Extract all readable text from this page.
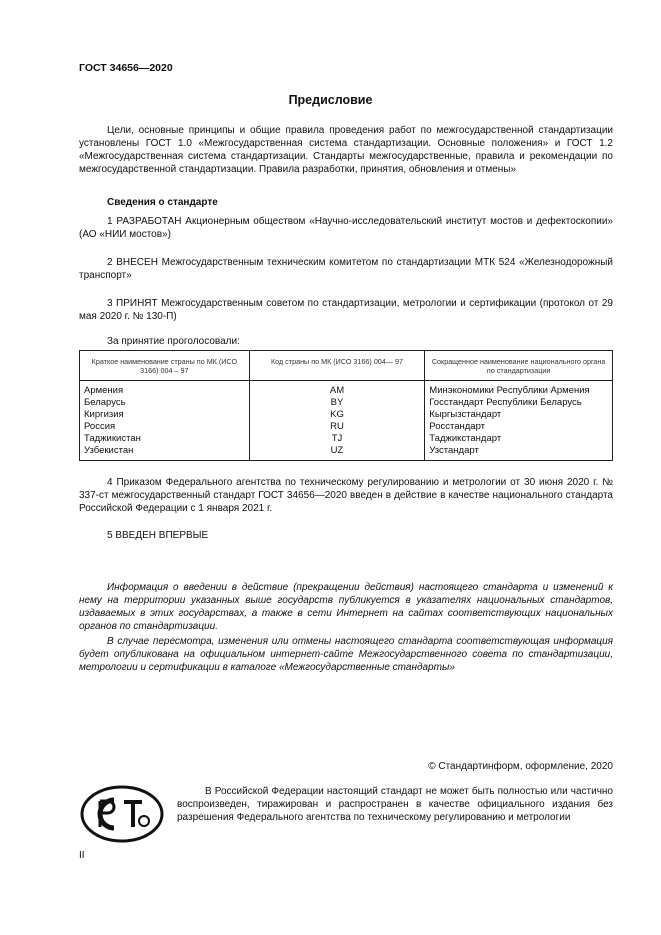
ГОСТ 34656—2020
Предисловие
Цели, основные принципы и общие правила проведения работ по межгосударственной стандартизации установлены ГОСТ 1.0 «Межгосударственная система стандартизации. Основные положения» и ГОСТ 1.2 «Межгосударственная система стандартизации. Стандарты межгосударственные, правила и рекомендации по межгосударственной стандартизации. Правила разработки, принятия, обновления и отмены»
Сведения о стандарте
1 РАЗРАБОТАН Акционерным обществом «Научно-исследовательский институт мостов и дефектоскопии» (АО «НИИ мостов»)
2 ВНЕСЕН Межгосударственным техническим комитетом по стандартизации МТК 524 «Железнодорожный транспорт»
3 ПРИНЯТ Межгосударственным советом по стандартизации, метрологии и сертификации (протокол от 29 мая 2020 г. № 130-П)
За принятие проголосовали:
Краткое наименование страны по МК (ИСО 3166) 004 – 97	Код страны по МК (ИСО 3166) 004— 97	Сокращенное наименование национального органа по стандартизации
Армения	AM	Минэкономики Республики Армения
Беларусь	BY	Госстандарт Республики Беларусь
Киргизия	KG	Кыргызстандарт
Россия	RU	Росстандарт
Таджикистан	TJ	Таджикстандарт
Узбекистан	UZ	Узстандарт
4 Приказом Федерального агентства по техническому регулированию и метрологии от 30 июня 2020 г. № 337-ст межгосударственный стандарт ГОСТ 34656—2020 введен в действие в качестве национального стандарта Российской Федерации с 1 января 2021 г.
5 ВВЕДЕН ВПЕРВЫЕ
Информация о введении в действие (прекращении действия) настоящего стандарта и изменений к нему на территории указанных выше государств публикуется в указателях национальных стандартов, издаваемых в этих государствах, а также в сети Интернет на сайтах соответствующих национальных органов по стандартизации.
В случае пересмотра, изменения или отмены настоящего стандарта соответствующая информация будет опубликована на официальном интернет-сайте Межгосударственного совета по стандартизации, метрологии и сертификации в каталоге «Межгосударственные стандарты»
© Стандартинформ, оформление, 2020
В Российской Федерации настоящий стандарт не может быть полностью или частично воспроизведен, тиражирован и распространен в качестве официального издания без разрешения Федерального агентства по техническому регулированию и метрологии
II
